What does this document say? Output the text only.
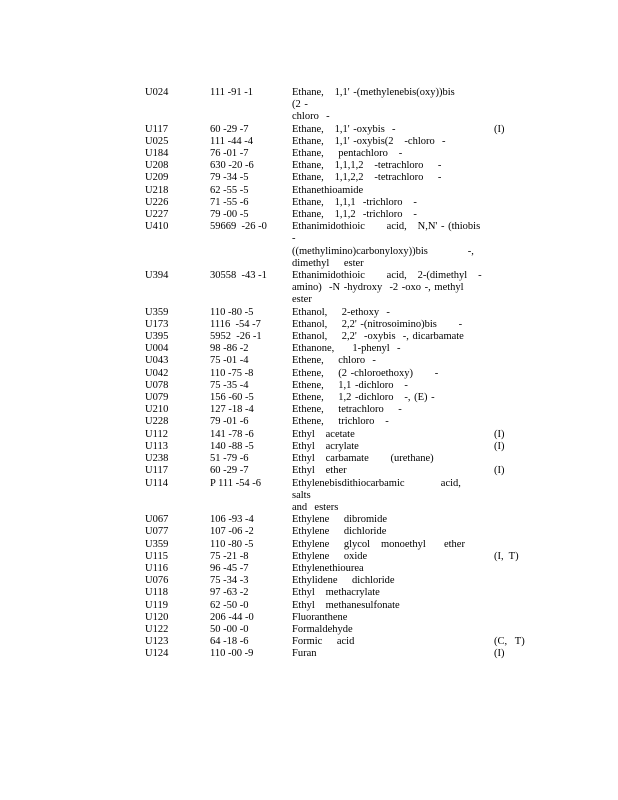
U024	111 -91 -1	Ethane,   1,1' -(methylenebis(oxy))bis        (2 -
chloro  -
U117	60 -29 -7	Ethane,   1,1' -oxybis  -	(I)
U025	111 -44 -4	Ethane,   1,1' -oxybis(2   -chloro  -
U184	76 -01 -7	Ethane,    pentachloro   -
U208	630 -20 -6	Ethane,   1,1,1,2   -tetrachloro    -
U209	79 -34 -5	Ethane,   1,1,2,2   -tetrachloro    -
U218	62 -55 -5	Ethanethioamide
U226	71 -55 -6	Ethane,   1,1,1  -trichloro   -
U227	79 -00 -5	Ethane,   1,1,2  -trichloro   -
U410	59669  -26 -0 Ethanimidothioic      acid,   N,N' - (thiobis  -
((methylimino)carbonyloxy))bis           -,
dimethyl    ester
U394	30558  -43 -1 Ethanimidothioic      acid,   2-(dimethyl   -
amino)  -N -hydroxy  -2 -oxo -, methyl
ester
U359	110 -80 -5	Ethanol,    2-ethoxy  -
U173	1116  -54 -7	Ethanol,    2,2' -(nitrosoimino)bis      -
U395	5952  -26 -1	Ethanol,    2,2'  -oxybis  -, dicarbamate
U004	98 -86 -2	Ethanone,     1-phenyl  -
U043	75 -01 -4	Ethene,    chloro  -
U042	110 -75 -8	Ethene,    (2 -chloroethoxy)      -
U078	75 -35 -4	Ethene,    1,1 -dichloro   -
U079	156 -60 -5	Ethene,    1,2 -dichloro   -, (E) -
U210	127 -18 -4	Ethene,    tetrachloro    -
U228	79 -01 -6	Ethene,    trichloro   -
U112	141 -78 -6	Ethyl   acetate	(I)
U113	140 -88 -5	Ethyl   acrylate	(I)
U238	51 -79 -6	Ethyl   carbamate      (urethane)
U117	60 -29 -7	Ethyl   ether	(I)
U114	P 111 -54 -6	Ethylenebisdithiocarbamic          acid,   salts
and  esters
U067	106 -93 -4	Ethylene    dibromide
U077	107 -06 -2	Ethylene    dichloride
U359	110 -80 -5	Ethylene    glycol   monoethyl     ether
U115	75 -21 -8	Ethylene    oxide	(I,  T)
U116	96 -45 -7	Ethylenethiourea
U076	75 -34 -3	Ethylidene    dichloride
U118	97 -63 -2	Ethyl   methacrylate
U119	62 -50 -0	Ethyl   methanesulfonate
U120	206 -44 -0	Fluoranthene
U122	50 -00 -0	Formaldehyde
U123	64 -18 -6	Formic    acid	(C,   T)
U124	110 -00 -9	Furan	(I)
